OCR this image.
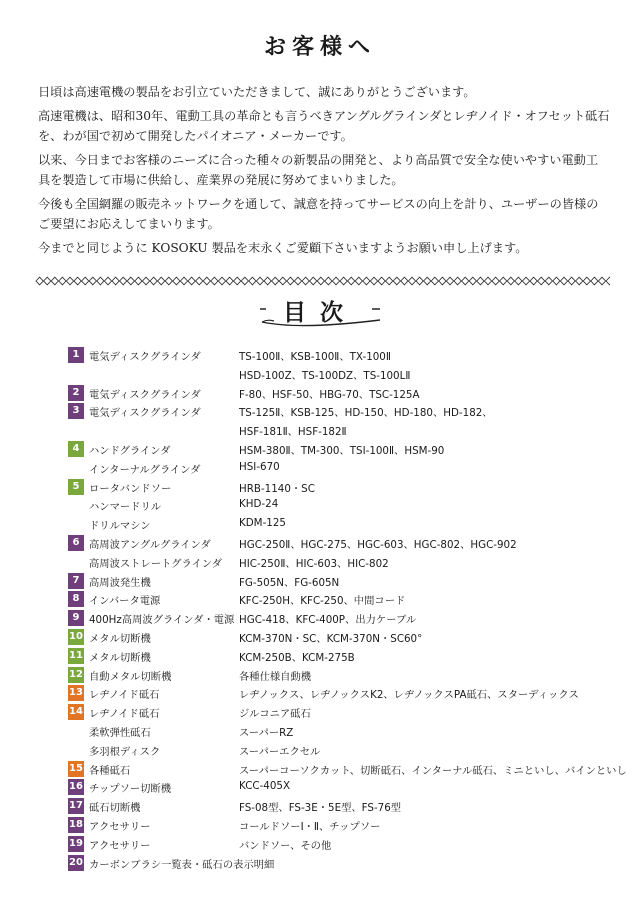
お客様へ

日頃は高速電機の製品をお引立ていただきまして、誠にありがとうございます。

高速電機は、昭和30年、電動工具の革命とも言うべきアングルグラインダとレヂノイド・オフセット砥石を、わが国で初めて開発したパイオニア・メーカーです。

以来、今日までお客様のニーズに合った種々の新製品の開発と、より高品質で安全な使いやすい電動工具を製造して市場に供給し、産業界の発展に努めてまいりました。

今後も全国網羅の販売ネットワークを通して、誠意を持ってサービスの向上を計り、ユーザーの皆様のご要望にお応えしてまいります。

今までと同じように KOSOKU 製品を末永くご愛顧下さいますようお願い申し上げます。

目次
1 電気ディスクグラインダ	TS-100Ⅱ、KSB-100Ⅱ、TX-100Ⅱ
HSD-100Z、TS-100DZ、TS-100LⅡ
2 電気ディスクグラインダ	F-80、HSF-50、HBG-70、TSC-125A
3 電気ディスクグラインダ	TS-125Ⅱ、KSB-125、HD-150、HD-180、HD-182、
HSF-181Ⅱ、HSF-182Ⅱ
4 ハンドグラインダ	HSM-380Ⅱ、TM-300、TSI-100Ⅱ、HSM-90
インターナルグラインダ	HSI-670
5 ロータバンドソー	HRB-1140・SC
ハンマードリル	KHD-24
ドリルマシン	KDM-125
6 高周波アングルグラインダ	HGC-250Ⅱ、HGC-275、HGC-603、HGC-802、HGC-902
高周波ストレートグラインダ HIC-250Ⅱ、HIC-603、HIC-802
7 高周波発生機	FG-505N、FG-605N
8 インバータ電源	KFC-250H、KFC-250、中間コード
9 400Hz高周波グラインダ・電源 HGC-418、KFC-400P、出力ケーブル
10 メタル切断機	KCM-370N・SC、KCM-370N・SC60°
11 メタル切断機	KCM-250B、KCM-275B
12 自動メタル切断機	各種仕様自動機
13 レヂノイド砥石	レヂノックス、レヂノックスK2、レヂノックスPA砥石、スターディックス
14 レヂノイド砥石	ジルコニア砥石
柔軟弾性砥石	スーパーRZ
多羽根ディスク	スーパーエクセル
15 各種砥石	スーパーコーソクカット、切断砥石、インターナル砥石、ミニといし、バインといし
16 チップソー切断機	KCC-405X
17 砥石切断機	FS-08型、FS-3E・5E型、FS-76型
18 アクセサリー	コールドソーⅠ・Ⅱ、チップソー
19 アクセサリー	バンドソー、その他
20 カーボンブラシ一覧表・砥石の表示明細
